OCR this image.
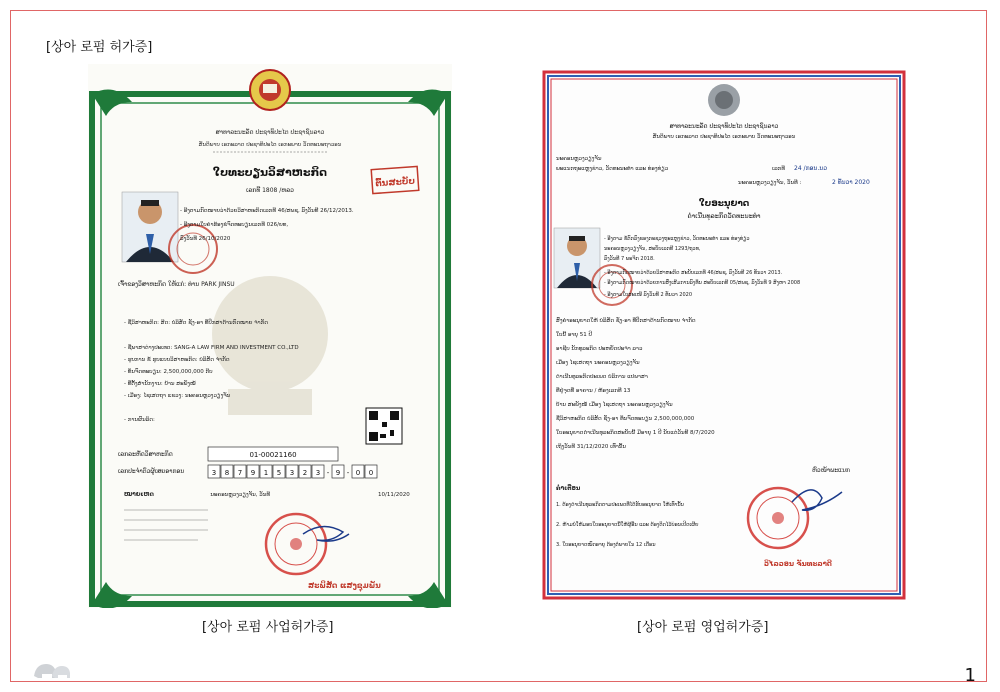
[상아 로펌 허가증]
ສາທາລະນະລັດ ປະຊາທິປະໄຕ ປະຊາຊົນລາວ
ສັນຕິພາບ ເອກະລາດ ປະຊາທິປະໄຕ ເອກະພາບ ວັດທະນະຖາວອນ
ໃບທະບຽນວິສາຫະກິດ
ເລກທີ 1808 /ຫລວ
ຕົ້ນສະບັບ
- ອີງຕາມກົດໝາຍວ່າດ້ວຍວິສາຫະກິດເລກທີ 46/ສພຊ, ລົງວັນທີ 26/12/2013.
- ອີງຕາມໃບຄຳຮ້ອງຂໍຈົດທະບຽນເລກທີ 026/ຍທ,
ລົງວັນທີ 26/10/2020
ເຈົ້າຂອງວິສາຫະກິດ ໃຫ້ແກ່: ທ່ານ PARK JINSU
- ຊື່ວິສາຫະກິດ: ສິດ: ບໍລິສັດ ຊັ່ງ-ອາ ທີ່ປຶກສາດ້ານກົດໝາຍ ຈຳກັດ
- ຊື່ພາສາຕ່າງປະເທດ: SANG-A LAW FIRM AND INVESTMENT CO.,LTD
- ຮູບການ ຂໍ້ ຮູບແບບວິສາຫະກິດ: ບໍລິສັດ ຈຳກັດ
- ທຶນຈົດທະບຽນ: 2,500,000,000 ກີບ
- ທີ່ຕັ້ງສຳນັກງານ: ບ້ານ ສະພັງໝໍ້
- ເມືອງ: ໄຊເສດຖາ ແຂວງ: ນະຄອນຫຼວງວຽງຈັນ
- ການຜົນລິດ:
ເລກລະຫັດວິສາຫະກິດ	01-00021160
ເລກປະຈຳຕົວຜູ້ເສຍອາກອນ	3 8 7 9 1 5 3 2 3 - 9 - 0 0
ນະຄອນຫຼວງວຽງຈັນ, ວັນທີ	10/11/2020
ໝາຍເຫດ
ສະພິສັດ ແສງຊຸມພັນ
ສາທາລະນະລັດ ປະຊາທິປະໄຕ ປະຊາຊົນລາວ
ສັນຕິພາບ ເອກະລາດ ປະຊາທິປະໄຕ ເອກະພາບ ວັດທະນະຖາວອນ
ນະຄອນຫຼວງວຽງຈັນ
ພະແນກຖະແຫຼງຂ່າວ, ວັດທະນະທຳ ແລະ ທ່ອງທ່ຽວ	ເລກທີ 24 /ກອນ.ນວ
ນະຄອນຫຼວງວຽງຈັນ, ວັນທີ :	2 ທັນວາ 2020
ໃບອະນຸຍາດ
ດຳເນີນທຸລະກິດວັດທະນະທຳ
- ອີງຕາມ ຂໍ້ຕົກລົງຂອງກະຊວງຖະແຫຼງຂ່າວ, ວັດທະນະທຳ ແລະ ທ່ອງທ່ຽວ
ນະຄອນຫຼວງວຽງຈັນ, ສະບັບເລກທີ 1293/ຖວທ,
ລົງວັນທີ 7 ພະຈິກ 2018.
- ອີງຕາມກົດໝາຍວ່າດ້ວຍວິສາຫະກິດ ສະບັບເລກທີ 46/ສພຊ, ລົງວັນທີ 26 ທັນວາ 2013.
- ອີງຕາມກົດໝາຍວ່າດ້ວຍການສົ່ງເສີມການລົງທຶນ ສະບັບເລກທີ 05/ສພຊ, ລົງວັນທີ 9 ສິງຫາ 2008
- ອີງຕາມໃບສະເໜີ ລົງວັນທີ 2 ທັນວາ 2020
ສົ່ງຄຳອະນຸຍາດໃຫ້ ບໍລິສັດ ຊັ່ງ-ອາ ທີ່ປຶກສາດ້ານກົດໝາຍ ຈຳກັດ
ໃບນີ້ ອາຍຸ 51 ປີ
ອາຊີບ ນັກທຸລະກິດ ປະຫຍັດປະຈຳ ລາວ
ເມືອງ ໄຊເສດຖາ ນະຄອນຫຼວງວຽງຈັນ
ດຳເນີນທຸລະກິດປະເພດ ບໍລິການ ແປພາສາ
ທີ່ຢູ່ຈຸດທີ່ ອາຄານ / ຫ້ອງເລກທີ 13
ບ້ານ ສະພັງໝໍ້ ເມືອງ ໄຊເສດຖາ ນະຄອນຫຼວງວຽງຈັນ
ຊື່ວິສາຫະກິດ ບໍລິສັດ ຊັ່ງ-ອາ ທຶນຈົດທະບຽນ 2,500,000,000
ໃບອະນຸຍາດດຳເນີນທຸລະກິດສະບັບນີ້ ມີອາຍຸ 1 ປີ ນັບແຕ່ວັນທີ 8/7/2020
ເຖິງວັນທີ 31/12/2020 ເທົ່ານັ້ນ
ຫົວໜ້າພະແນກ
ຄຳເຕືອນ
1. ຕ້ອງດຳເນີນທຸລະກິດຕາມປະເພດທີ່ໄດ້ຮັບອະນຸຍາດ ໃຫ້ເທົ່ານັ້ນ
2. ຫ້າມບໍ່ໃຫ້ມອບໃບອະນຸຍາດນີ້ໃຫ້ຜູ້ອື່ນ ແລະ ຕ້ອງຕິດໄວ້ບ່ອນເປີດເຜີຍ
3. ໃບອະນຸຍາດໝົດອາຍຸ ຕ້ອງຕໍ່ພາຍໃນ 12 ເດືອນ
ວິໄລວອນ ຈັນທະລາດີ
[상아 로펌 사업허가증]	[상아 로펌 영업허가증]
1
